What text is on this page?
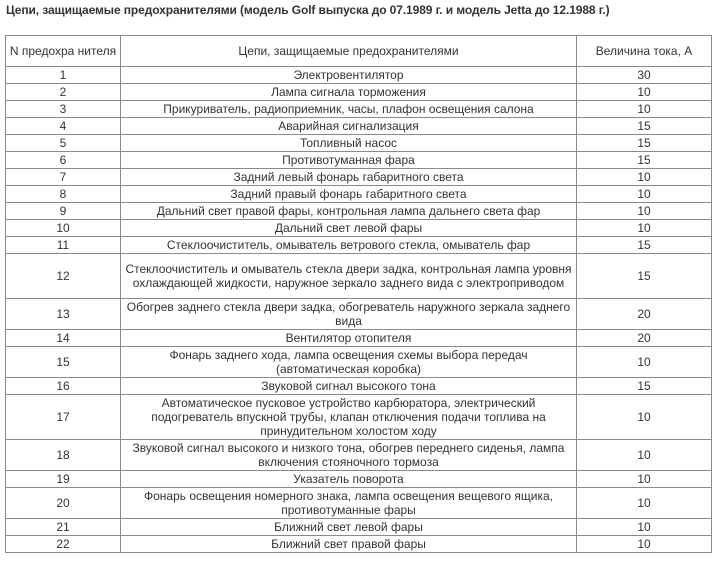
Цепи, защищаемые предохранителями (модель Golf выпуска до 07.1989 г. и модель Jetta до 12.1988 г.)
N предохра нителя	Цепи, защищаемые предохранителями	Величина тока, А
1	Электровентилятор	30
2	Лампа сигнала торможения	10
3	Прикуриватель, радиоприемник, часы, плафон освещения салона	10
4	Аварийная сигнализация	15
5	Топливный насос	15
6	Противотуманная фара	15
7	Задний левый фонарь габаритного света	10
8	Задний правый фонарь габаритного света	10
9	Дальний свет правой фары, контрольная лампа дальнего света фар	10
10	Дальний свет левой фары	10
11	Стеклоочиститель, омыватель ветрового стекла, омыватель фар	15
12	Стеклоочиститель и омыватель стекла двери задка, контрольная лампа уровня охлаждающей жидкости, наружное зеркало заднего вида с электроприводом	15
13	Обогрев заднего стекла двери задка, обогреватель наружного зеркала заднего вида	20
14	Вентилятор отопителя	20
15	Фонарь заднего хода, лампа освещения схемы выбора передач (автоматическая коробка)	10
16	Звуковой сигнал высокого тона	15
17	Автоматическое пусковое устройство карбюратора, электрический подогреватель впускной трубы, клапан отключения подачи топлива на принудительном холостом ходу	10
18	Звуковой сигнал высокого и низкого тона, обогрев переднего сиденья, лампа включения стояночного тормоза	10
19	Указатель поворота	10
20	Фонарь освещения номерного знака, лампа освещения вещевого ящика, противотуманные фары	10
21	Ближний свет левой фары	10
22	Ближний свет правой фары	10
